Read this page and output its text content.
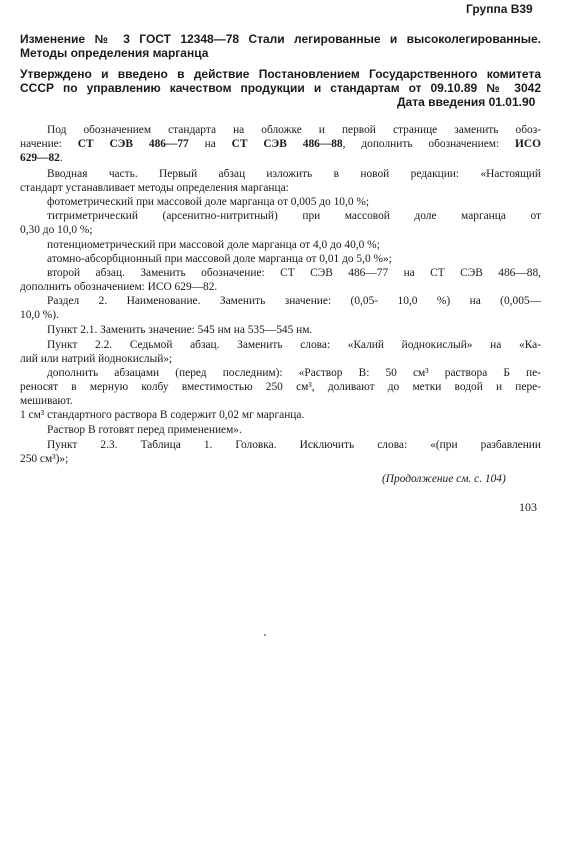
Группа В39
Изменение № 3 ГОСТ 12348—78 Стали легированные и высоколегированные.
Методы определения марганца
Утверждено и введено в действие Постановлением Государственного комитета
СССР по управлению качеством продукции и стандартам от 09.10.89 № 3042
Дата введения 01.01.90
Под обозначением стандарта на обложке и первой странице заменить обоз-
начение: СТ СЭВ 486—77 на СТ СЭВ 486—88, дополнить обозначением: ИСО
629—82.
Вводная часть. Первый абзац изложить в новой редакции: «Настоящий
стандарт устанавливает методы определения марганца:
фотометрический при массовой доле марганца от 0,005 до 10,0 %;
титриметрический (арсенитно-нитритный) при массовой доле марганца от
0,30 до 10,0 %;
потенциометрический при массовой доле марганца от 4,0 до 40,0 %;
атомно-абсорбционный при массовой доле марганца от 0,01 до 5,0 %»;
второй абзац. Заменить обозначение: СТ СЭВ 486—77 на СТ СЭВ 486—88,
дополнить обозначением: ИСО 629—82.
Раздел 2. Наименование. Заменить значение: (0,05- 10,0 %) на (0,005—
10,0 %).
Пункт 2.1. Заменить значение: 545 нм на 535—545 нм.
Пункт 2.2. Седьмой абзац. Заменить слова: «Калий йоднокислый» на «Ка-
лий или натрий йоднокислый»;
дополнить абзацами (перед последним): «Раствор В: 50 см³ раствора Б пе-
реносят в мерную колбу вместимостью 250 см³, доливают до метки водой и пере-
мешивают.
1 см³ стандартного раствора В содержит 0,02 мг марганца.
Раствор В готовят перед применением».
Пункт 2.3. Таблица 1. Головка. Исключить слова: «(при разбавлении
250 см³)»;
(Продолжение см. с. 104)
103
